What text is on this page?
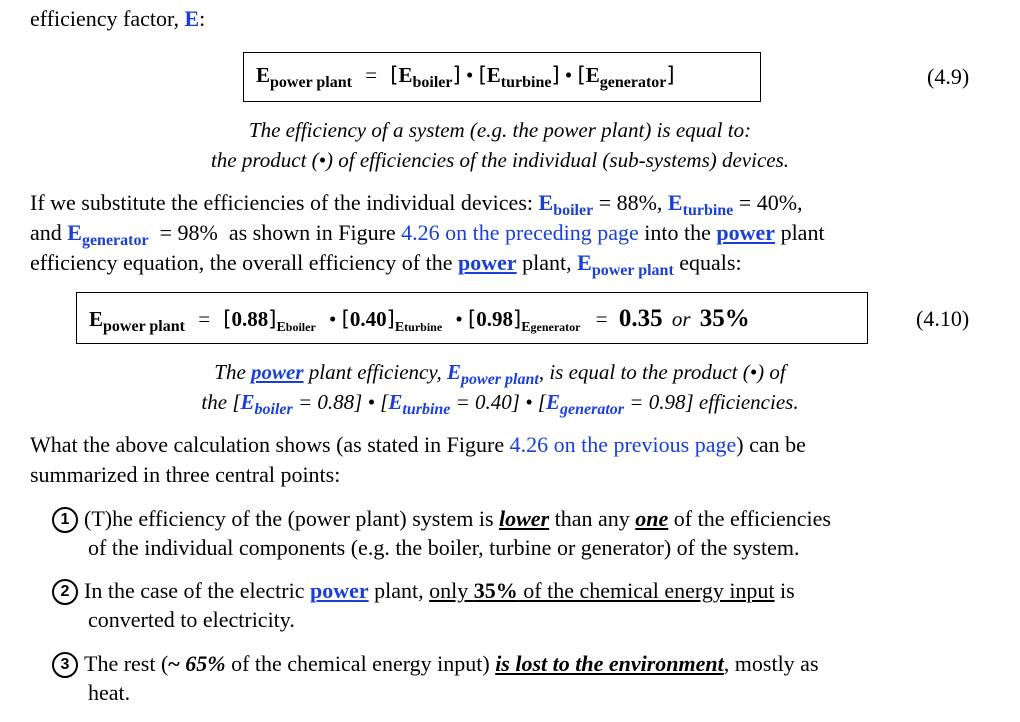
efficiency factor, E:
$E_{power plant} = [E_{boiler}]$ • $[E_{turbine}]$ • $[E_{generator}]$	(4.9)
The efficiency of a system (e.g. the power plant) is equal to:
the product (•) of efficiencies of the individual (sub-systems) devices.
If we substitute the efficiencies of the individual devices: $E_{boiler} = 88\%$, $E_{turbine} = 40\%$,
and $E_{generator} = 98\%$  as shown in Figure 4.26 on the preceding page into the power plant
efficiency equation, the overall efficiency of the power plant, $E_{power plant}$ equals:
$E_{power plant} = [0.88]_{Eboiler}$ • $[0.40]_{Eturbine}$ • $[0.98]_{Egenerator} = 0.35$ or 35%	(4.10)
The power plant efficiency, $E_{power plant}$, is equal to the product (•) of
the $[E_{boiler} = 0.88]$ • $[E_{turbine} = 0.40]$ • $[E_{generator} = 0.98]$ efficiencies.
What the above calculation shows (as stated in Figure 4.26 on the previous page) can be
summarized in three central points:
1 (T)he efficiency of the (power plant) system is lower than any one of the efficiencies
of the individual components (e.g. the boiler, turbine or generator) of the system.
2 In the case of the electric power plant, only 35% of the chemical energy input is
converted to electricity.
3 The rest (~ 65% of the chemical energy input) is lost to the environment, mostly as
heat.
